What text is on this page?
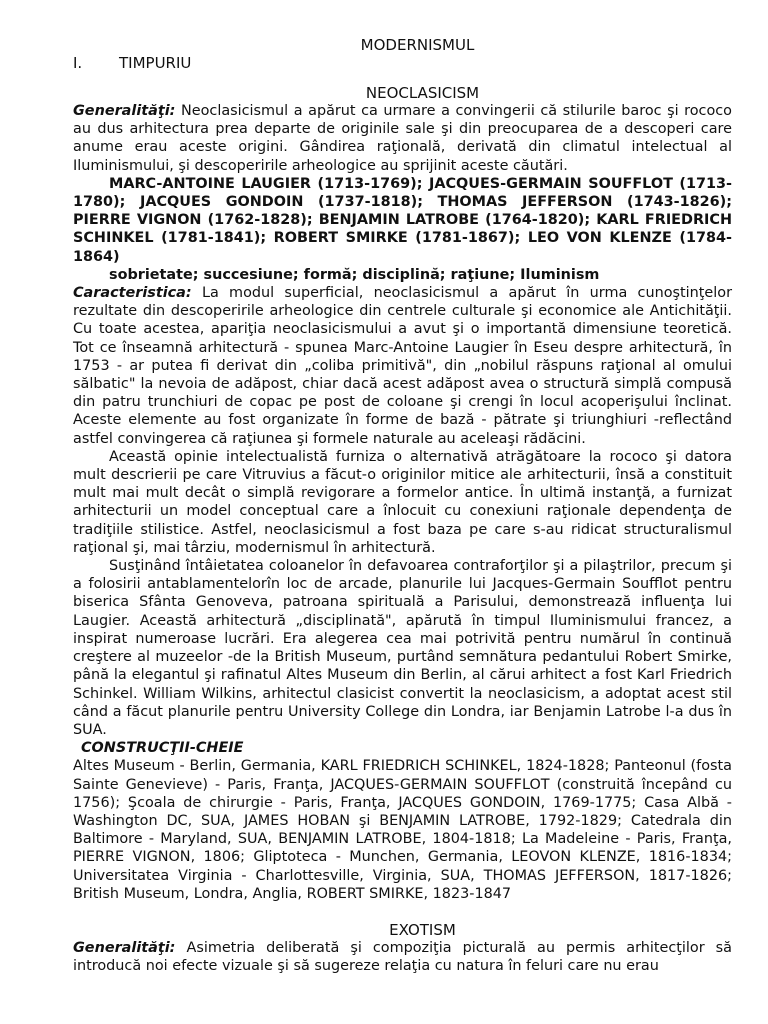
MODERNISMUL
I. TIMPURIU
NEOCLASICISM

Generalităţi: Neoclasicismul a apărut ca urmare a convingerii că stilurile baroc şi rococo au dus arhitectura prea departe de originile sale şi din preocuparea de a descoperi care anume erau aceste origini. Gândirea raţională, derivată din climatul intelectual al Iluminismului, şi descoperirile arheologice au sprijinit aceste căutări.

MARC-ANTOINE LAUGIER (1713-1769); JACQUES-GERMAIN SOUFFLOT (1713-1780); JACQUES GONDOIN (1737-1818); THOMAS JEFFERSON (1743-1826); PIERRE VIGNON (1762-1828); BENJAMIN LATROBE (1764-1820); KARL FRIEDRICH SCHINKEL (1781-1841); ROBERT SMIRKE (1781-1867); LEO VON KLENZE (1784-1864)

sobrietate; succesiune; formă; disciplină; raţiune; Iluminism

Caracteristica: La modul superficial, neoclasicismul a apărut în urma cunoştinţelor rezultate din descoperirile arheologice din centrele culturale şi economice ale Antichităţii. Cu toate acestea, apariţia neoclasicismului a avut şi o importantă dimensiune teoretică. Tot ce înseamnă arhitectură - spunea Marc-Antoine Laugier în Eseu despre arhitectură, în 1753 - ar putea fi derivat din „coliba primitivă", din „nobilul răspuns raţional al omului sălbatic" la nevoia de adăpost, chiar dacă acest adăpost avea o structură simplă compusă din patru trunchiuri de copac pe post de coloane şi crengi în locul acoperişului înclinat. Aceste elemente au fost organizate în forme de bază - pătrate şi triunghiuri -reflectând astfel convingerea că raţiunea şi formele naturale au aceleaşi rădăcini.

Această opinie intelectualistă furniza o alternativă atrăgătoare la rococo şi datora mult descrierii pe care Vitruvius a făcut-o originilor mitice ale arhitecturii, însă a constituit mult mai mult decât o simplă revigorare a formelor antice. În ultimă instanţă, a furnizat arhitecturii un model conceptual care a înlocuit cu conexiuni raţionale dependenţa de tradiţiile stilistice. Astfel, neoclasicismul a fost baza pe care s-au ridicat structuralismul raţional şi, mai târziu, modernismul în arhitectură.

Susţinând întâietatea coloanelor în defavoarea contraforţilor şi a pilaştrilor, precum şi a folosirii antablamentelorîn loc de arcade, planurile lui Jacques-Germain Soufflot pentru biserica Sfânta Genoveva, patroana spirituală a Parisului, demonstrează influenţa lui Laugier. Această arhitectură „disciplinată", apărută în timpul Iluminismului francez, a inspirat numeroase lucrări. Era alegerea cea mai potrivită pentru numărul în continuă creştere al muzeelor -de la British Museum, purtând semnătura pedantului Robert Smirke, până la elegantul şi rafinatul Altes Museum din Berlin, al cărui arhitect a fost Karl Friedrich Schinkel. William Wilkins, arhitectul clasicist convertit la neoclasicism, a adoptat acest stil când a făcut planurile pentru University College din Londra, iar Benjamin Latrobe l-a dus în SUA.

CONSTRUCŢII-CHEIE

Altes Museum - Berlin, Germania, KARL FRIEDRICH SCHINKEL, 1824-1828; Panteonul (fosta Sainte Genevieve) - Paris, Franţa, JACQUES-GERMAIN SOUFFLOT (construită începând cu 1756); Şcoala de chirurgie - Paris, Franţa, JACQUES GONDOIN, 1769-1775; Casa Albă - Washington DC, SUA, JAMES HOBAN şi BENJAMIN LATROBE, 1792-1829; Catedrala din Baltimore - Maryland, SUA, BENJAMIN LATROBE, 1804-1818; La Madeleine - Paris, Franţa, PIERRE VIGNON, 1806; Gliptoteca - Munchen, Germania, LEOVON KLENZE, 1816-1834; Universitatea Virginia - Charlottesville, Virginia, SUA, THOMAS JEFFERSON, 1817-1826; British Museum, Londra, Anglia, ROBERT SMIRKE, 1823-1847

EXOTISM

Generalităţi: Asimetria deliberată şi compoziţia picturală au permis arhitecţilor să introducă noi efecte vizuale şi să sugereze relaţia cu natura în feluri care nu erau
